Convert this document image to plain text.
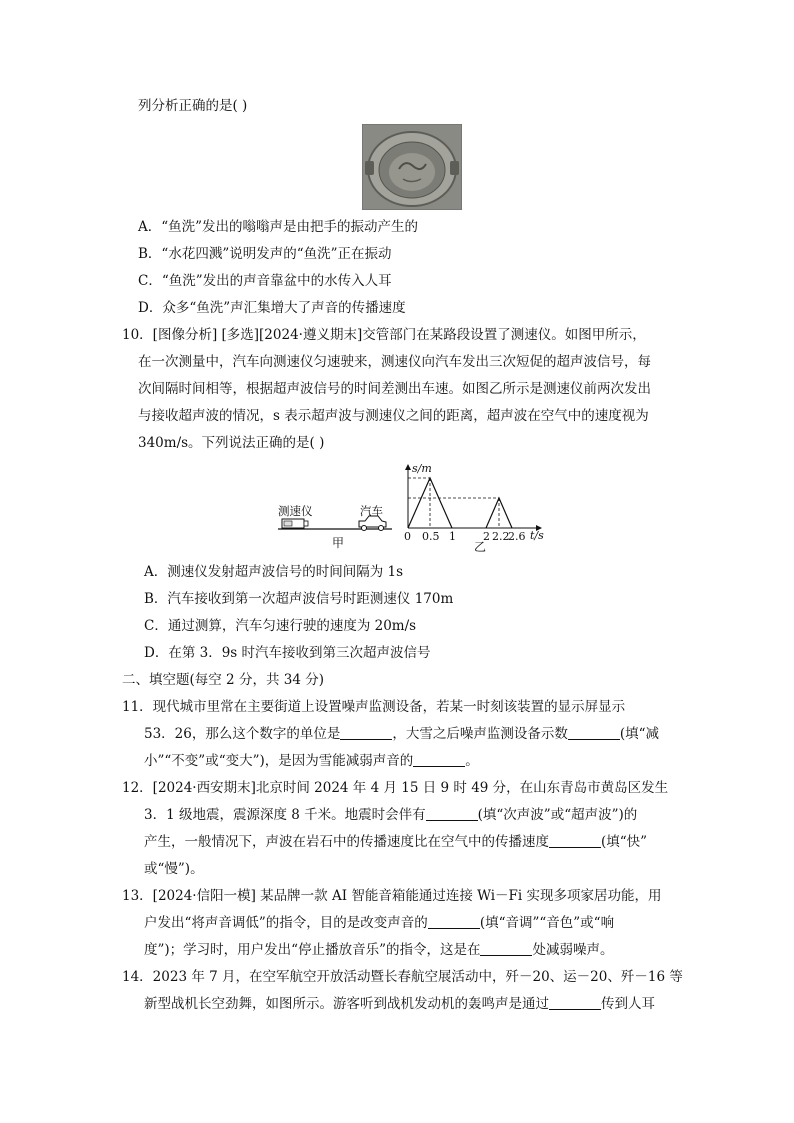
列分析正确的是( )
A．“鱼洗”发出的嗡嗡声是由把手的振动产生的
B．“水花四溅”说明发声的“鱼洗”正在振动
C．“鱼洗”发出的声音靠盆中的水传入人耳
D．众多“鱼洗”声汇集增大了声音的传播速度
10．[图像分析] [多选][2024·遵义期末]交管部门在某路段设置了测速仪。如图甲所示，
在一次测量中，汽车向测速仪匀速驶来，测速仪向汽车发出三次短促的超声波信号，每
次间隔时间相等，根据超声波信号的时间差测出车速。如图乙所示是测速仪前两次发出
与接收超声波的情况，s 表示超声波与测速仪之间的距离，超声波在空气中的速度视为
340m/s。下列说法正确的是( )
测速仪	汽车
甲
s/m
t/s
0 0.5 1 2 2.2
2.6
乙
A．测速仪发射超声波信号的时间间隔为 1s
B．汽车接收到第一次超声波信号时距测速仪 170m
C．通过测算，汽车匀速行驶的速度为 20m/s
D．在第 3．9s 时汽车接收到第三次超声波信号
二、填空题(每空 2 分，共 34 分)
11．现代城市里常在主要街道上设置噪声监测设备，若某一时刻该装置的显示屏显示
53．26，那么这个数字的单位是	，大雪之后噪声监测设备示数	(填“减
小”“不变”或“变大”)，是因为雪能减弱声音的	。
12．[2024·西安期末]北京时间 2024 年 4 月 15 日 9 时 49 分，在山东青岛市黄岛区发生
3．1 级地震，震源深度 8 千米。地震时会伴有	(填“次声波”或“超声波”)的
产生，一般情况下，声波在岩石中的传播速度比在空气中的传播速度	(填“快”
或“慢”)。
13．[2024·信阳一模] 某品牌一款 AI 智能音箱能通过连接 Wi－Fi 实现多项家居功能，用
户发出“将声音调低”的指令，目的是改变声音的	(填“音调”“音色”或“响
度”)；学习时，用户发出“停止播放音乐”的指令，这是在	处减弱噪声。
14．2023 年 7 月，在空军航空开放活动暨长春航空展活动中，歼－20、运－20、歼－16 等
新型战机长空劲舞，如图所示。游客听到战机发动机的轰鸣声是通过	传到人耳
